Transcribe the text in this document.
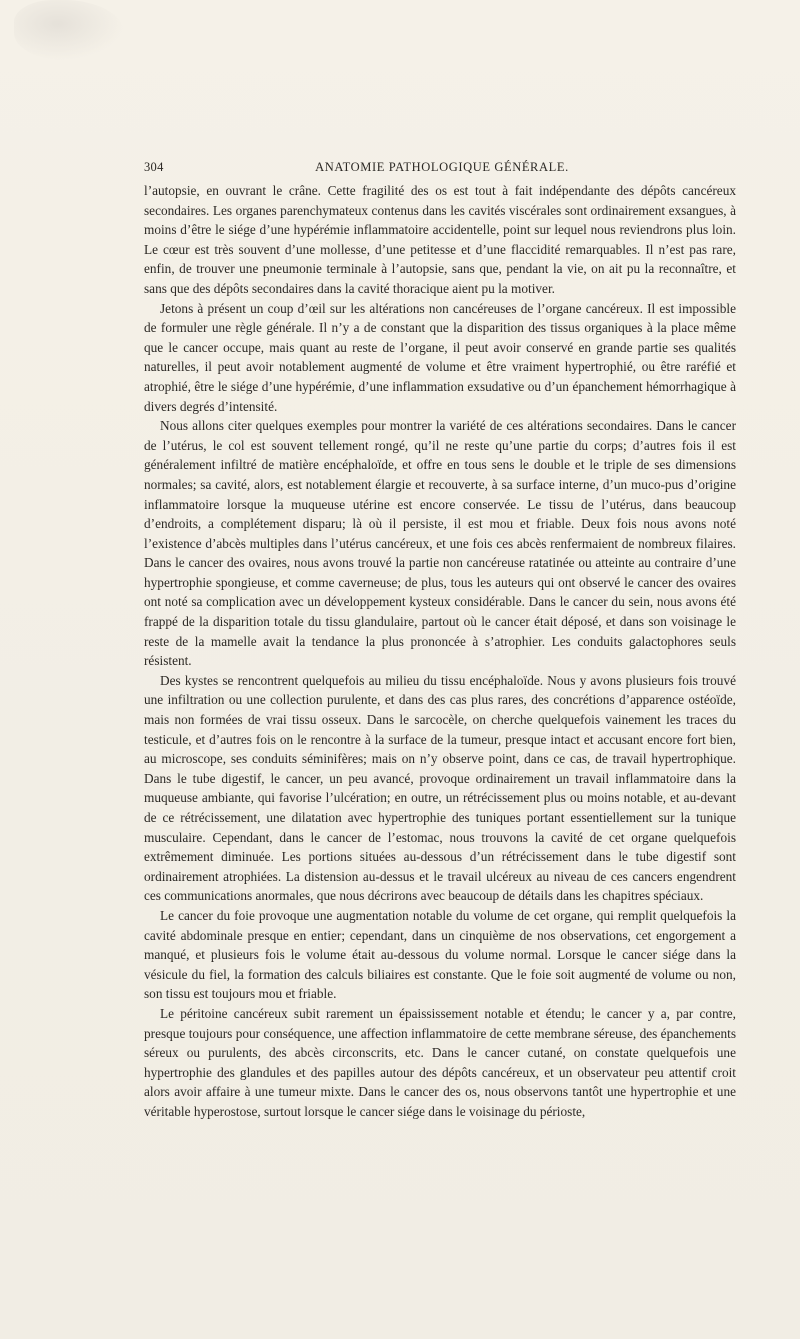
304	ANATOMIE PATHOLOGIQUE GÉNÉRALE.

l’autopsie, en ouvrant le crâne. Cette fragilité des os est tout à fait indépendante des dépôts cancéreux secondaires. Les organes parenchymateux contenus dans les cavités viscérales sont ordinairement exsangues, à moins d’être le siége d’une hypérémie inflammatoire accidentelle, point sur lequel nous reviendrons plus loin. Le cœur est très souvent d’une mollesse, d’une petitesse et d’une flaccidité remarquables. Il n’est pas rare, enfin, de trouver une pneumonie terminale à l’autopsie, sans que, pendant la vie, on ait pu la reconnaître, et sans que des dépôts secondaires dans la cavité thoracique aient pu la motiver.

Jetons à présent un coup d’œil sur les altérations non cancéreuses de l’organe cancéreux. Il est impossible de formuler une règle générale. Il n’y a de constant que la disparition des tissus organiques à la place même que le cancer occupe, mais quant au reste de l’organe, il peut avoir conservé en grande partie ses qualités naturelles, il peut avoir notablement augmenté de volume et être vraiment hypertrophié, ou être raréfié et atrophié, être le siége d’une hypérémie, d’une inflammation exsudative ou d’un épanchement hémorrhagique à divers degrés d’intensité.

Nous allons citer quelques exemples pour montrer la variété de ces altérations secondaires. Dans le cancer de l’utérus, le col est souvent tellement rongé, qu’il ne reste qu’une partie du corps; d’autres fois il est généralement infiltré de matière encéphaloïde, et offre en tous sens le double et le triple de ses dimensions normales; sa cavité, alors, est notablement élargie et recouverte, à sa surface interne, d’un muco-pus d’origine inflammatoire lorsque la muqueuse utérine est encore conservée. Le tissu de l’utérus, dans beaucoup d’endroits, a complétement disparu; là où il persiste, il est mou et friable. Deux fois nous avons noté l’existence d’abcès multiples dans l’utérus cancéreux, et une fois ces abcès renfermaient de nombreux filaires. Dans le cancer des ovaires, nous avons trouvé la partie non cancéreuse ratatinée ou atteinte au contraire d’une hypertrophie spongieuse, et comme caverneuse; de plus, tous les auteurs qui ont observé le cancer des ovaires ont noté sa complication avec un développement kysteux considérable. Dans le cancer du sein, nous avons été frappé de la disparition totale du tissu glandulaire, partout où le cancer était déposé, et dans son voisinage le reste de la mamelle avait la tendance la plus prononcée à s’atrophier. Les conduits galactophores seuls résistent.

Des kystes se rencontrent quelquefois au milieu du tissu encéphaloïde. Nous y avons plusieurs fois trouvé une infiltration ou une collection purulente, et dans des cas plus rares, des concrétions d’apparence ostéoïde, mais non formées de vrai tissu osseux. Dans le sarcocèle, on cherche quelquefois vainement les traces du testicule, et d’autres fois on le rencontre à la surface de la tumeur, presque intact et accusant encore fort bien, au microscope, ses conduits séminifères; mais on n’y observe point, dans ce cas, de travail hypertrophique. Dans le tube digestif, le cancer, un peu avancé, provoque ordinairement un travail inflammatoire dans la muqueuse ambiante, qui favorise l’ulcération; en outre, un rétrécissement plus ou moins notable, et au-devant de ce rétrécissement, une dilatation avec hypertrophie des tuniques portant essentiellement sur la tunique musculaire. Cependant, dans le cancer de l’estomac, nous trouvons la cavité de cet organe quelquefois extrêmement diminuée. Les portions situées au-dessous d’un rétrécissement dans le tube digestif sont ordinairement atrophiées. La distension au-dessus et le travail ulcéreux au niveau de ces cancers engendrent ces communications anormales, que nous décrirons avec beaucoup de détails dans les chapitres spéciaux.

Le cancer du foie provoque une augmentation notable du volume de cet organe, qui remplit quelquefois la cavité abdominale presque en entier; cependant, dans un cinquième de nos observations, cet engorgement a manqué, et plusieurs fois le volume était au-dessous du volume normal. Lorsque le cancer siége dans la vésicule du fiel, la formation des calculs biliaires est constante. Que le foie soit augmenté de volume ou non, son tissu est toujours mou et friable.

Le péritoine cancéreux subit rarement un épaississement notable et étendu; le cancer y a, par contre, presque toujours pour conséquence, une affection inflammatoire de cette membrane séreuse, des épanchements séreux ou purulents, des abcès circonscrits, etc. Dans le cancer cutané, on constate quelquefois une hypertrophie des glandules et des papilles autour des dépôts cancéreux, et un observateur peu attentif croit alors avoir affaire à une tumeur mixte. Dans le cancer des os, nous observons tantôt une hypertrophie et une véritable hyperostose, surtout lorsque le cancer siége dans le voisinage du périoste,
